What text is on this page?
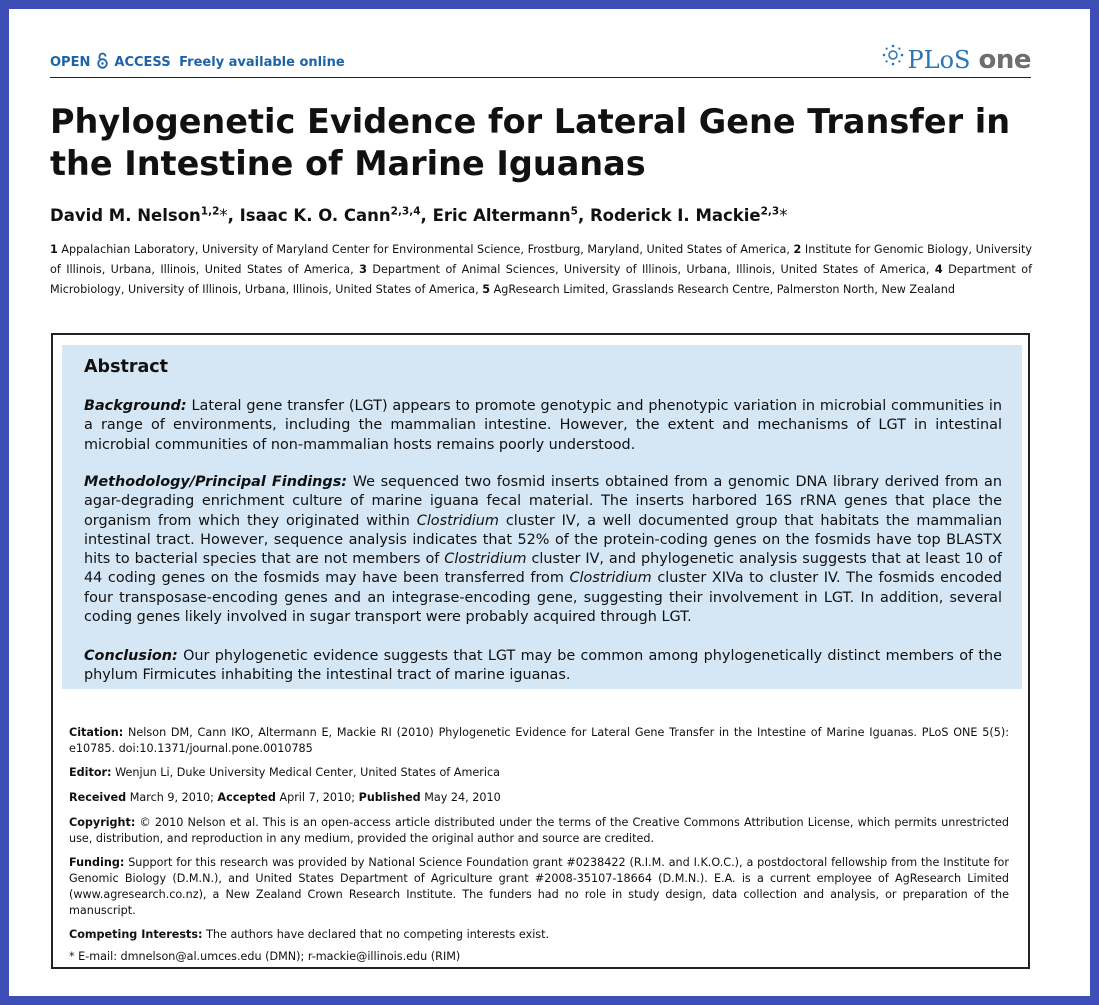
OPEN ACCESS Freely available online	PLoS one
Phylogenetic Evidence for Lateral Gene Transfer in the Intestine of Marine Iguanas
David M. Nelson$^{1,2}$*, Isaac K. O. Cann$^{2,3,4}$, Eric Altermann$^5$, Roderick I. Mackie$^{2,3}$*
1 Appalachian Laboratory, University of Maryland Center for Environmental Science, Frostburg, Maryland, United States of America, 2 Institute for Genomic Biology, University of Illinois, Urbana, Illinois, United States of America, 3 Department of Animal Sciences, University of Illinois, Urbana, Illinois, United States of America, 4 Department of Microbiology, University of Illinois, Urbana, Illinois, United States of America, 5 AgResearch Limited, Grasslands Research Centre, Palmerston North, New Zealand
Abstract

Background: Lateral gene transfer (LGT) appears to promote genotypic and phenotypic variation in microbial communities in a range of environments, including the mammalian intestine. However, the extent and mechanisms of LGT in intestinal microbial communities of non-mammalian hosts remains poorly understood.

Methodology/Principal Findings: We sequenced two fosmid inserts obtained from a genomic DNA library derived from an agar-degrading enrichment culture of marine iguana fecal material. The inserts harbored 16S rRNA genes that place the organism from which they originated within Clostridium cluster IV, a well documented group that habitats the mammalian intestinal tract. However, sequence analysis indicates that 52% of the protein-coding genes on the fosmids have top BLASTX hits to bacterial species that are not members of Clostridium cluster IV, and phylogenetic analysis suggests that at least 10 of 44 coding genes on the fosmids may have been transferred from Clostridium cluster XIVa to cluster IV. The fosmids encoded four transposase-encoding genes and an integrase-encoding gene, suggesting their involvement in LGT. In addition, several coding genes likely involved in sugar transport were probably acquired through LGT.

Conclusion: Our phylogenetic evidence suggests that LGT may be common among phylogenetically distinct members of the phylum Firmicutes inhabiting the intestinal tract of marine iguanas.

Citation: Nelson DM, Cann IKO, Altermann E, Mackie RI (2010) Phylogenetic Evidence for Lateral Gene Transfer in the Intestine of Marine Iguanas. PLoS ONE 5(5): e10785. doi:10.1371/journal.pone.0010785
Editor: Wenjun Li, Duke University Medical Center, United States of America
Received March 9, 2010; Accepted April 7, 2010; Published May 24, 2010
Copyright: © 2010 Nelson et al. This is an open-access article distributed under the terms of the Creative Commons Attribution License, which permits unrestricted use, distribution, and reproduction in any medium, provided the original author and source are credited.
Funding: Support for this research was provided by National Science Foundation grant #0238422 (R.I.M. and I.K.O.C.), a postdoctoral fellowship from the Institute for Genomic Biology (D.M.N.), and United States Department of Agriculture grant #2008-35107-18664 (D.M.N.). E.A. is a current employee of AgResearch Limited (www.agresearch.co.nz), a New Zealand Crown Research Institute. The funders had no role in study design, data collection and analysis, or preparation of the manuscript.
Competing Interests: The authors have declared that no competing interests exist.
* E-mail: dmnelson@al.umces.edu (DMN); r-mackie@illinois.edu (RIM)
